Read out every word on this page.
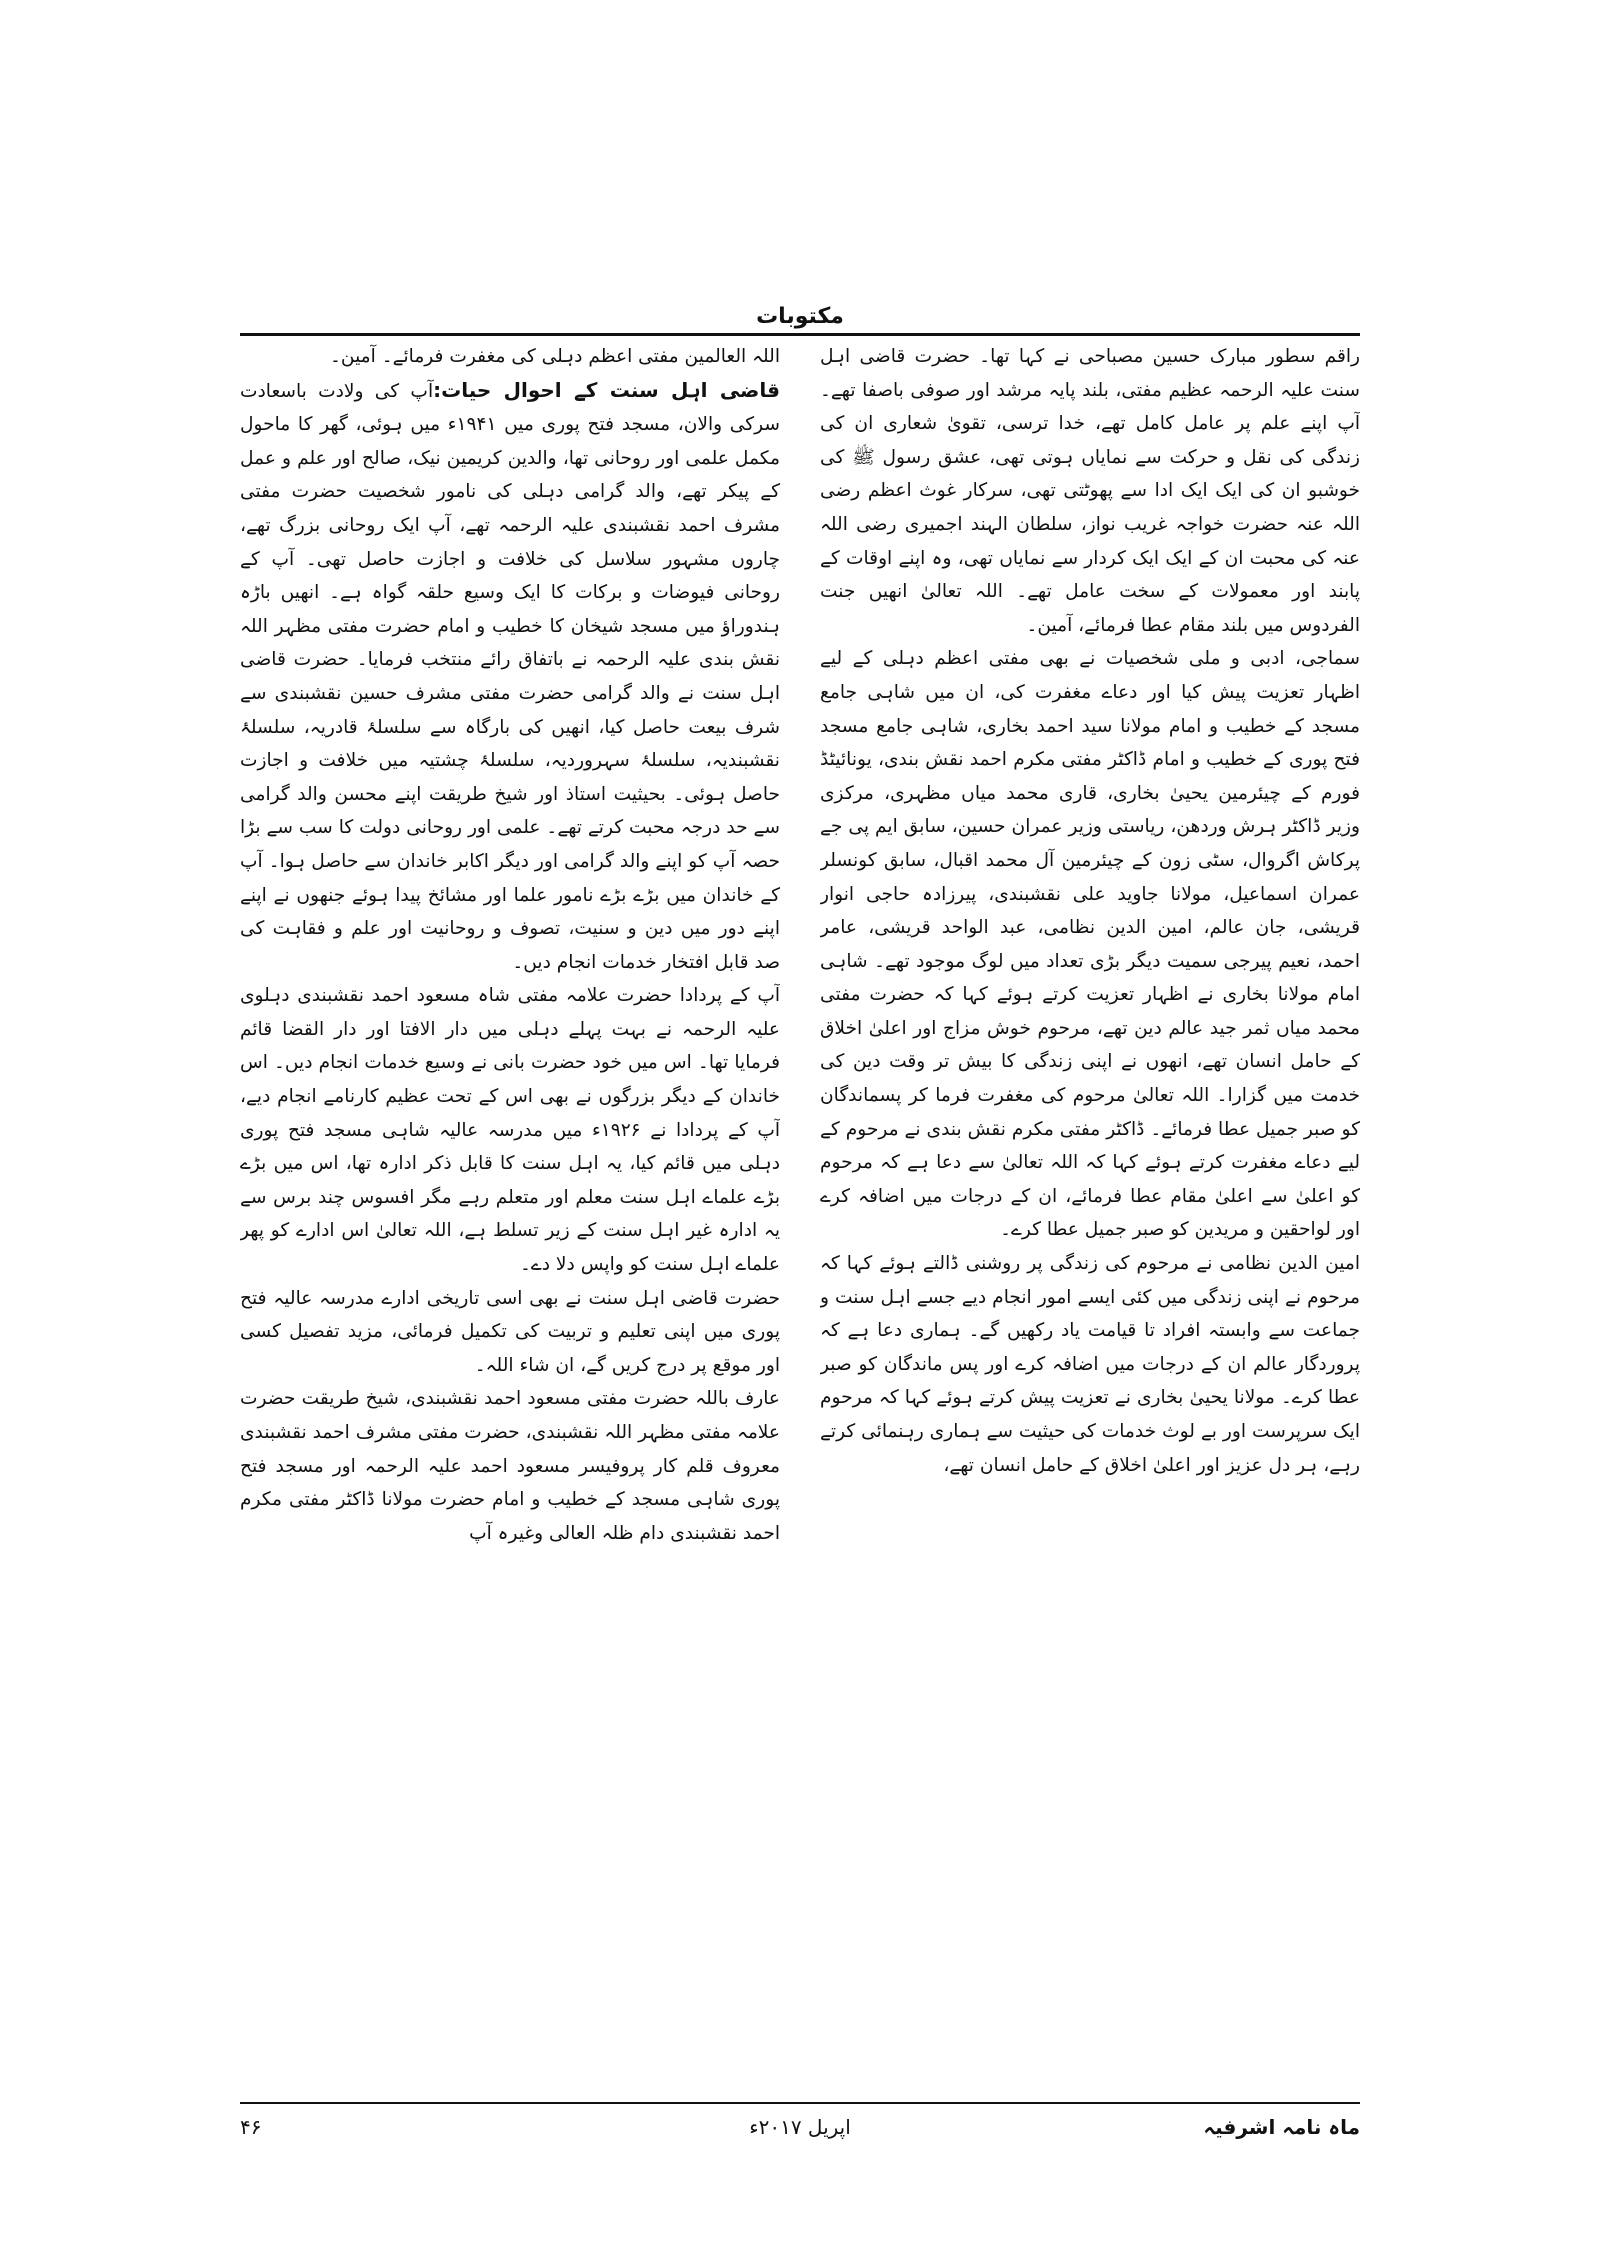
مکتوبات

راقم سطور مبارک حسین مصباحی نے کہا تھا۔ حضرت قاضی اہل سنت علیہ الرحمہ عظیم مفتی، بلند پایہ مرشد اور صوفی باصفا تھے۔ آپ اپنے علم پر عامل کامل تھے، خدا ترسی، تقویٰ شعاری ان کی زندگی کی نقل و حرکت سے نمایاں ہوتی تھی، عشق رسول ﷺ کی خوشبو ان کی ایک ایک ادا سے پھوٹتی تھی، سرکار غوث اعظم رضی اللہ عنہ حضرت خواجہ غریب نواز، سلطان الہند اجمیری رضی اللہ عنہ کی محبت ان کے ایک ایک کردار سے نمایاں تھی، وہ اپنے اوقات کے پابند اور معمولات کے سخت عامل تھے۔ اللہ تعالیٰ انھیں جنت الفردوس میں بلند مقام عطا فرمائے، آمین۔

سماجی، ادبی و ملی شخصیات نے بھی مفتی اعظم دہلی کے لیے اظہار تعزیت پیش کیا اور دعاے مغفرت کی، ان میں شاہی جامع مسجد کے خطیب و امام مولانا سید احمد بخاری، شاہی جامع مسجد فتح پوری کے خطیب و امام ڈاکٹر مفتی مکرم احمد نقش بندی، یونائیٹڈ فورم کے چیئرمین یحییٰ بخاری، قاری محمد میاں مظہری، مرکزی وزیر ڈاکٹر ہرش وردھن، ریاستی وزیر عمران حسین، سابق ایم پی جے پرکاش اگروال، سٹی زون کے چیئرمین آل محمد اقبال، سابق کونسلر عمران اسماعیل، مولانا جاوید علی نقشبندی، پیرزادہ حاجی انوار قریشی، جان عالم، امین الدین نظامی، عبد الواحد قریشی، عامر احمد، نعیم پیرجی سمیت دیگر بڑی تعداد میں لوگ موجود تھے۔ شاہی امام مولانا بخاری نے اظہار تعزیت کرتے ہوئے کہا کہ حضرت مفتی محمد میاں ثمر جید عالم دین تھے، مرحوم خوش مزاج اور اعلیٰ اخلاق کے حامل انسان تھے، انھوں نے اپنی زندگی کا بیش تر وقت دین کی خدمت میں گزارا۔ اللہ تعالیٰ مرحوم کی مغفرت فرما کر پسماندگان کو صبر جمیل عطا فرمائے۔ ڈاکٹر مفتی مکرم نقش بندی نے مرحوم کے لیے دعاے مغفرت کرتے ہوئے کہا کہ اللہ تعالیٰ سے دعا ہے کہ مرحوم کو اعلیٰ سے اعلیٰ مقام عطا فرمائے، ان کے درجات میں اضافہ کرے اور لواحقین و مریدین کو صبر جمیل عطا کرے۔

امین الدین نظامی نے مرحوم کی زندگی پر روشنی ڈالتے ہوئے کہا کہ مرحوم نے اپنی زندگی میں کئی ایسے امور انجام دیے جسے اہل سنت و جماعت سے وابستہ افراد تا قیامت یاد رکھیں گے۔ ہماری دعا ہے کہ پروردگار عالم ان کے درجات میں اضافہ کرے اور پس ماندگان کو صبر عطا کرے۔ مولانا یحییٰ بخاری نے تعزیت پیش کرتے ہوئے کہا کہ مرحوم ایک سرپرست اور بے لوث خدمات کی حیثیت سے ہماری رہنمائی کرتے رہے، ہر دل عزیز اور اعلیٰ اخلاق کے حامل انسان تھے،

اللہ العالمین مفتی اعظم دہلی کی مغفرت فرمائے۔ آمین۔

قاضی اہل سنت کے احوال حیات:آپ کی ولادت باسعادت سرکی والان، مسجد فتح پوری میں ۱۹۴۱ء میں ہوئی، گھر کا ماحول مکمل علمی اور روحانی تھا، والدین کریمین نیک، صالح اور علم و عمل کے پیکر تھے، والد گرامی دہلی کی نامور شخصیت حضرت مفتی مشرف احمد نقشبندی علیہ الرحمہ تھے، آپ ایک روحانی بزرگ تھے، چاروں مشہور سلاسل کی خلافت و اجازت حاصل تھی۔ آپ کے روحانی فیوضات و برکات کا ایک وسیع حلقہ گواہ ہے۔ انھیں باڑہ ہندوراؤ میں مسجد شیخان کا خطیب و امام حضرت مفتی مظہر اللہ نقش بندی علیہ الرحمہ نے باتفاق رائے منتخب فرمایا۔ حضرت قاضی اہل سنت نے والد گرامی حضرت مفتی مشرف حسین نقشبندی سے شرف بیعت حاصل کیا، انھیں کی بارگاہ سے سلسلۂ قادریہ، سلسلۂ نقشبندیہ، سلسلۂ سہروردیہ، سلسلۂ چشتیہ میں خلافت و اجازت حاصل ہوئی۔ بحیثیت استاذ اور شیخ طریقت اپنے محسن والد گرامی سے حد درجہ محبت کرتے تھے۔ علمی اور روحانی دولت کا سب سے بڑا حصہ آپ کو اپنے والد گرامی اور دیگر اکابر خاندان سے حاصل ہوا۔ آپ کے خاندان میں بڑے بڑے نامور علما اور مشائخ پیدا ہوئے جنھوں نے اپنے اپنے دور میں دین و سنیت، تصوف و روحانیت اور علم و فقاہت کی صد قابل افتخار خدمات انجام دیں۔

آپ کے پردادا حضرت علامہ مفتی شاہ مسعود احمد نقشبندی دہلوی علیہ الرحمہ نے بہت پہلے دہلی میں دار الافتا اور دار القضا قائم فرمایا تھا۔ اس میں خود حضرت بانی نے وسیع خدمات انجام دیں۔ اس خاندان کے دیگر بزرگوں نے بھی اس کے تحت عظیم کارنامے انجام دیے، آپ کے پردادا نے ۱۹۲۶ء میں مدرسہ عالیہ شاہی مسجد فتح پوری دہلی میں قائم کیا، یہ اہل سنت کا قابل ذکر ادارہ تھا، اس میں بڑے بڑے علماے اہل سنت معلم اور متعلم رہے مگر افسوس چند برس سے یہ ادارہ غیر اہل سنت کے زیر تسلط ہے، اللہ تعالیٰ اس ادارے کو پھر علماے اہل سنت کو واپس دلا دے۔

حضرت قاضی اہل سنت نے بھی اسی تاریخی ادارے مدرسہ عالیہ فتح پوری میں اپنی تعلیم و تربیت کی تکمیل فرمائی، مزید تفصیل کسی اور موقع پر درج کریں گے، ان شاء اللہ۔

عارف باللہ حضرت مفتی مسعود احمد نقشبندی، شیخ طریقت حضرت علامہ مفتی مظہر اللہ نقشبندی، حضرت مفتی مشرف احمد نقشبندی معروف قلم کار پروفیسر مسعود احمد علیہ الرحمہ اور مسجد فتح پوری شاہی مسجد کے خطیب و امام حضرت مولانا ڈاکٹر مفتی مکرم احمد نقشبندی دام ظلہ العالی وغیرہ آپ

ماہ نامہ اشرفیہ
اپریل ۲۰۱۷ء
۴۶
